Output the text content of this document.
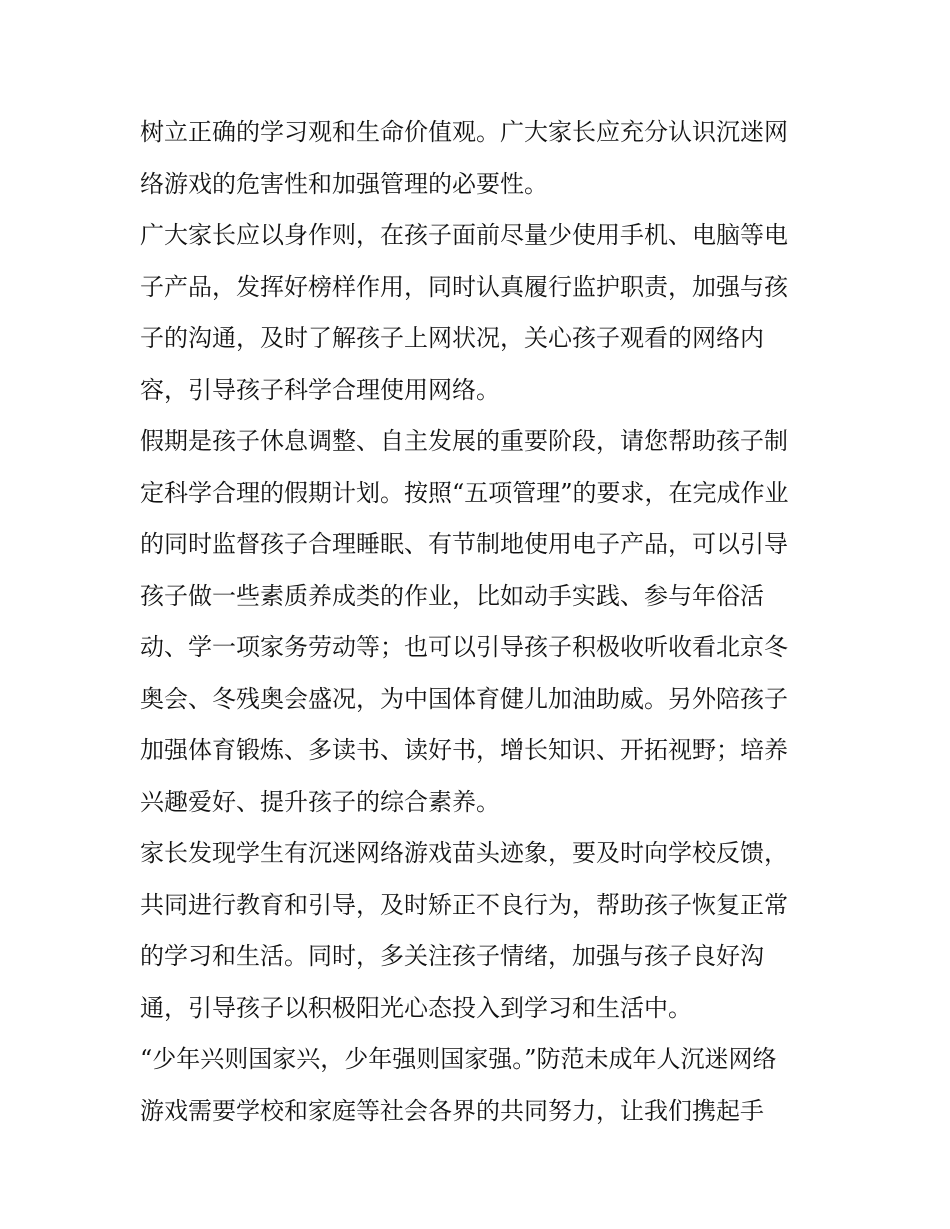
树立正确的学习观和生命价值观。广大家长应充分认识沉迷网
络游戏的危害性和加强管理的必要性。
广大家长应以身作则，在孩子面前尽量少使用手机、电脑等电
子产品，发挥好榜样作用，同时认真履行监护职责，加强与孩
子的沟通，及时了解孩子上网状况，关心孩子观看的网络内
容，引导孩子科学合理使用网络。
假期是孩子休息调整、自主发展的重要阶段，请您帮助孩子制
定科学合理的假期计划。按照“五项管理”的要求，在完成作业
的同时监督孩子合理睡眠、有节制地使用电子产品，可以引导
孩子做一些素质养成类的作业，比如动手实践、参与年俗活
动、学一项家务劳动等；也可以引导孩子积极收听收看北京冬
奥会、冬残奥会盛况，为中国体育健儿加油助威。另外陪孩子
加强体育锻炼、多读书、读好书，增长知识、开拓视野；培养
兴趣爱好、提升孩子的综合素养。
家长发现学生有沉迷网络游戏苗头迹象，要及时向学校反馈，
共同进行教育和引导，及时矫正不良行为，帮助孩子恢复正常
的学习和生活。同时，多关注孩子情绪，加强与孩子良好沟
通，引导孩子以积极阳光心态投入到学习和生活中。
“少年兴则国家兴，少年强则国家强。”防范未成年人沉迷网络
游戏需要学校和家庭等社会各界的共同努力，让我们携起手
